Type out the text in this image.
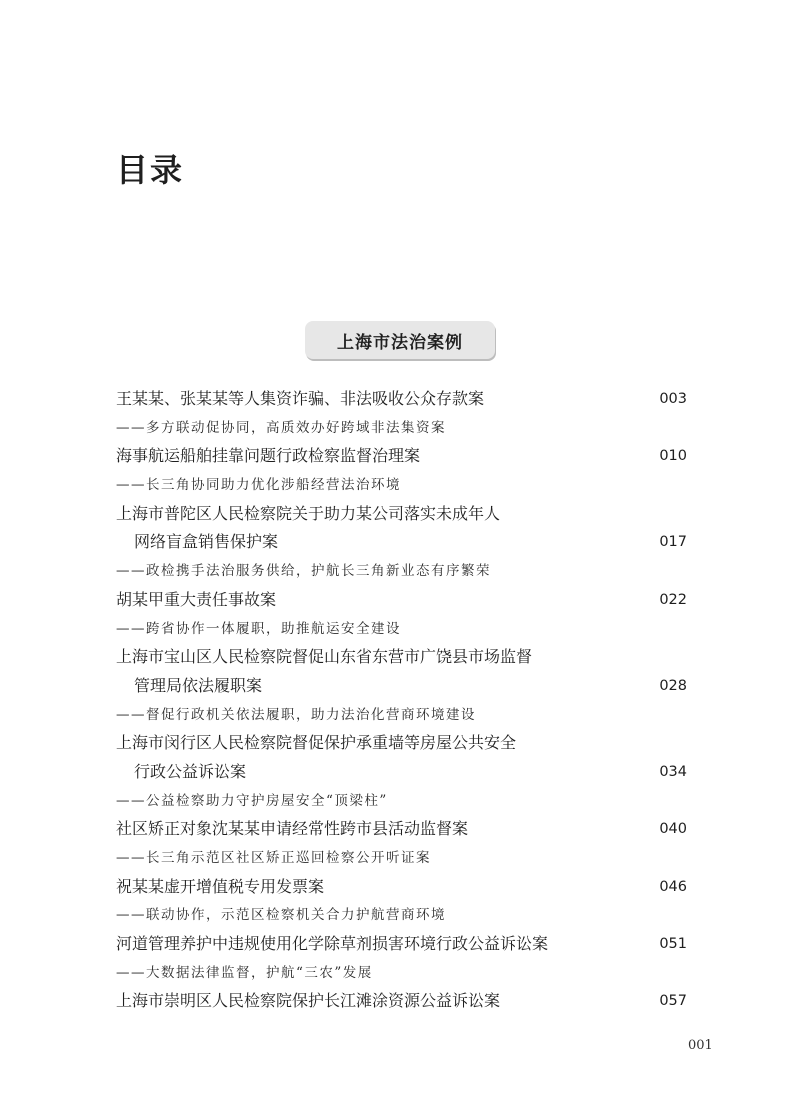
目录
上海市法治案例
王某某、张某某等人集资诈骗、非法吸收公众存款案	003
——多方联动促协同，高质效办好跨域非法集资案
海事航运船舶挂靠问题行政检察监督治理案	010
——长三角协同助力优化涉船经营法治环境
上海市普陀区人民检察院关于助力某公司落实未成年人
网络盲盒销售保护案	017
——政检携手法治服务供给，护航长三角新业态有序繁荣
胡某甲重大责任事故案	022
——跨省协作一体履职，助推航运安全建设
上海市宝山区人民检察院督促山东省东营市广饶县市场监督
管理局依法履职案	028
——督促行政机关依法履职，助力法治化营商环境建设
上海市闵行区人民检察院督促保护承重墙等房屋公共安全
行政公益诉讼案	034
——公益检察助力守护房屋安全“顶梁柱”
社区矫正对象沈某某申请经常性跨市县活动监督案	040
——长三角示范区社区矫正巡回检察公开听证案
祝某某虚开增值税专用发票案	046
——联动协作，示范区检察机关合力护航营商环境
河道管理养护中违规使用化学除草剂损害环境行政公益诉讼案	051
——大数据法律监督，护航“三农”发展
上海市崇明区人民检察院保护长江滩涂资源公益诉讼案	057
001
